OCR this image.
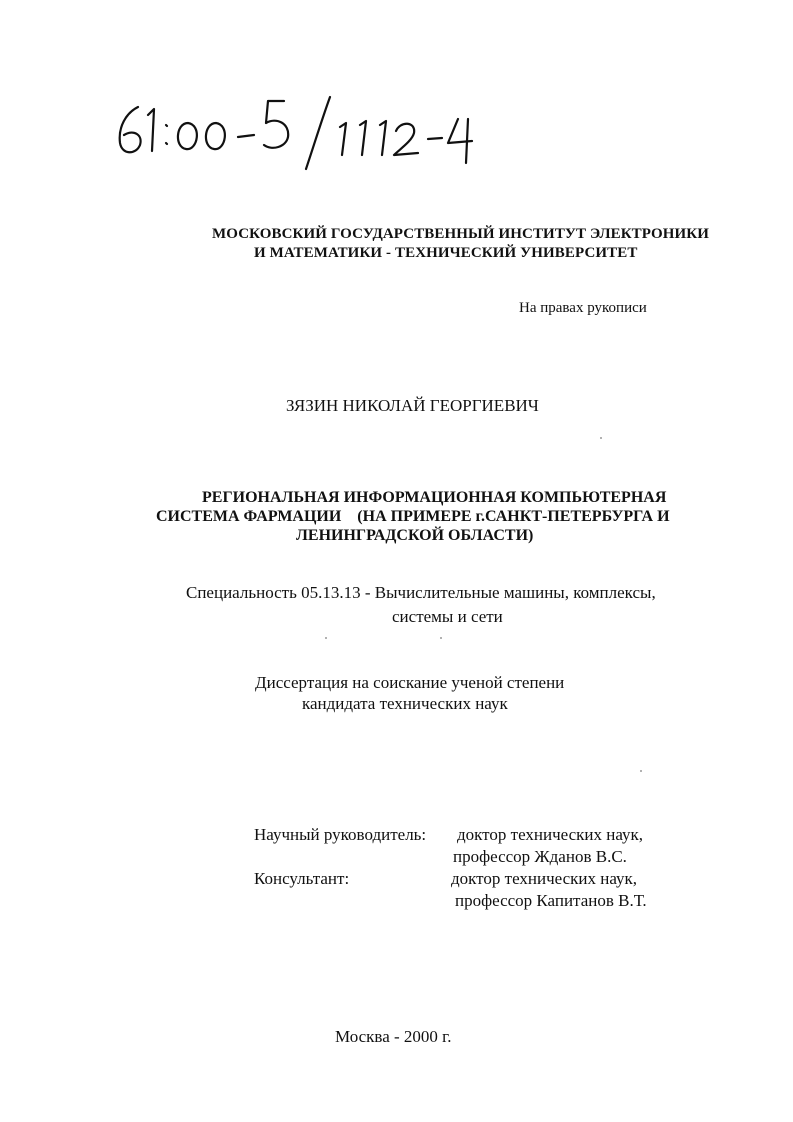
МОСКОВСКИЙ ГОСУДАРСТВЕННЫЙ ИНСТИТУТ ЭЛЕКТРОНИКИ
И МАТЕМАТИКИ - ТЕХНИЧЕСКИЙ УНИВЕРСИТЕТ
На правах рукописи
ЗЯЗИН НИКОЛАЙ ГЕОРГИЕВИЧ
РЕГИОНАЛЬНАЯ ИНФОРМАЦИОННАЯ КОМПЬЮТЕРНАЯ
СИСТЕМА ФАРМАЦИИ    (НА ПРИМЕРЕ г.САНКТ-ПЕТЕРБУРГА И
ЛЕНИНГРАДСКОЙ ОБЛАСТИ)
Специальность 05.13.13 - Вычислительные машины, комплексы,
системы и сети
Диссертация на соискание ученой степени
кандидата технических наук
Научный руководитель: доктор технических наук,
профессор Жданов В.С.
Консультант:	доктор технических наук,
профессор Капитанов В.Т.
Москва - 2000 г.
